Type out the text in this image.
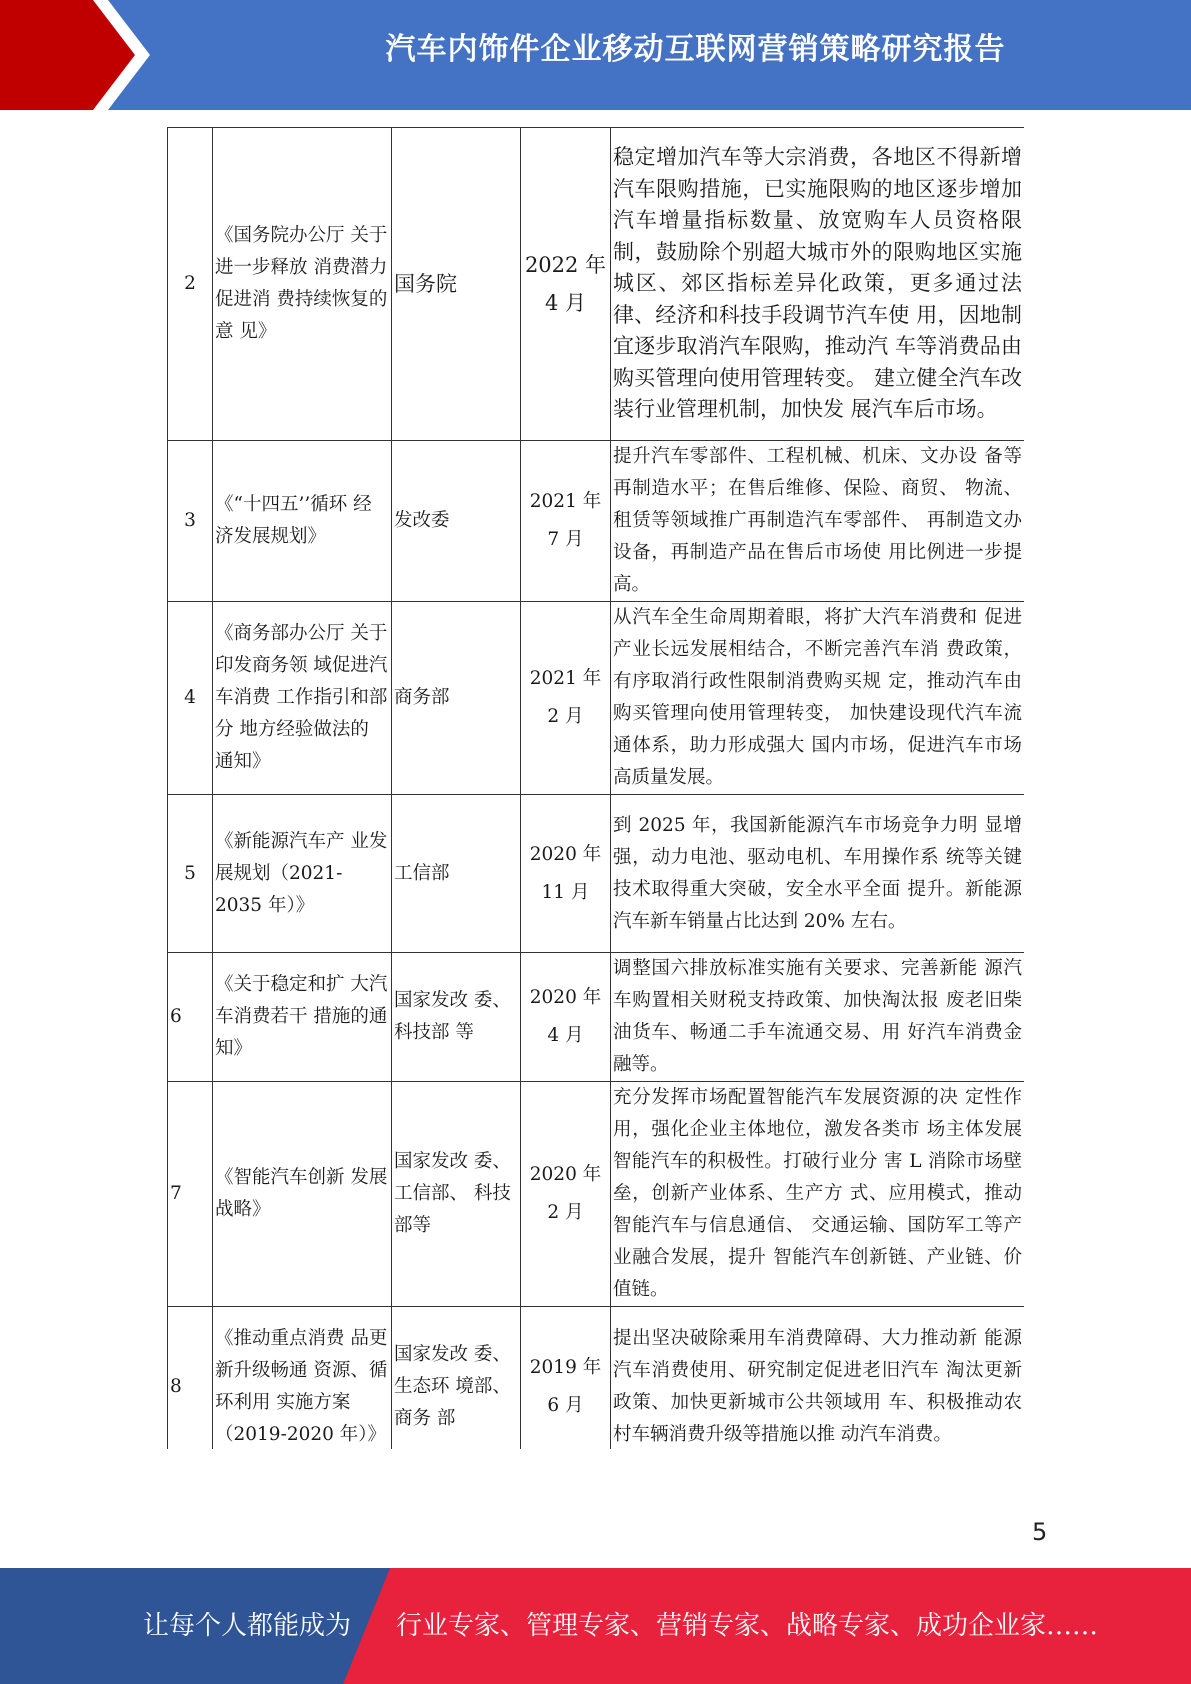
汽车内饰件企业移动互联网营销策略研究报告
2	《国务院办公厅 关于进一步释放 消费潜力促进消 费持续恢复的意 见》	国务院	2022 年 4 月	稳定增加汽车等大宗消费，各地区不得新增汽车限购措施，已实施限购的地区逐步增加汽车增量指标数量、放宽购车人员资格限制，鼓励除个别超大城市外的限购地区实施城区、郊区指标差异化政策，更多通过法律、经济和科技手段调节汽车使 用，因地制宜逐步取消汽车限购，推动汽 车等消费品由购买管理向使用管理转变。 建立健全汽车改装行业管理机制，加快发 展汽车后市场。
3	《“十四五’’循环 经济发展规划》	发改委	2021 年 7 月	提升汽车零部件、工程机械、机床、文办设 备等再制造水平；在售后维修、保险、商贸、 物流、租赁等领域推广再制造汽车零部件、 再制造文办设备，再制造产品在售后市场使 用比例进一步提高。
4	《商务部办公厅 关于印发商务领 域促进汽车消费 工作指引和部分 地方经验做法的 通知》	商务部	2021 年 2 月	从汽车全生命周期着眼，将扩大汽车消费和 促进产业长远发展相结合，不断完善汽车消 费政策，有序取消行政性限制消费购买规 定，推动汽车由购买管理向使用管理转变， 加快建设现代汽车流通体系，助力形成强大 国内市场，促进汽车市场高质量发展。
5	《新能源汽车产 业发展规划（2021-2035 年）》	工信部	2020 年 11 月	到 2025 年，我国新能源汽车市场竞争力明 显增强，动力电池、驱动电机、车用操作系 统等关键技术取得重大突破，安全水平全面 提升。新能源汽车新车销量占比达到 20% 左右。
6	《关于稳定和扩 大汽车消费若干 措施的通知》	国家发改 委、科技部 等	2020 年 4 月	调整国六排放标准实施有关要求、完善新能 源汽车购置相关财税支持政策、加快淘汰报 废老旧柴油货车、畅通二手车流通交易、用 好汽车消费金融等。
7	《智能汽车创新 发展战略》	国家发改 委、工信部、 科技部等	2020 年 2 月	充分发挥市场配置智能汽车发展资源的决 定性作用，强化企业主体地位，激发各类市 场主体发展智能汽车的积极性。打破行业分 害 L 消除市场壁垒，创新产业体系、生产方 式、应用模式，推动智能汽车与信息通信、 交通运输、国防军工等产业融合发展，提升 智能汽车创新链、产业链、价值链。
8	《推动重点消费 品更新升级畅通 资源、循环利用 实施方案（2019-2020 年）》	国家发改 委、生态环 境部、商务 部	2019 年 6 月	提出坚决破除乘用车消费障碍、大力推动新 能源汽车消费使用、研究制定促进老旧汽车 淘汰更新政策、加快更新城市公共领域用 车、积极推动农村车辆消费升级等措施以推 动汽车消费。
5
让每个人都能成为 行业专家、管理专家、营销专家、战略专家、成功企业家……
